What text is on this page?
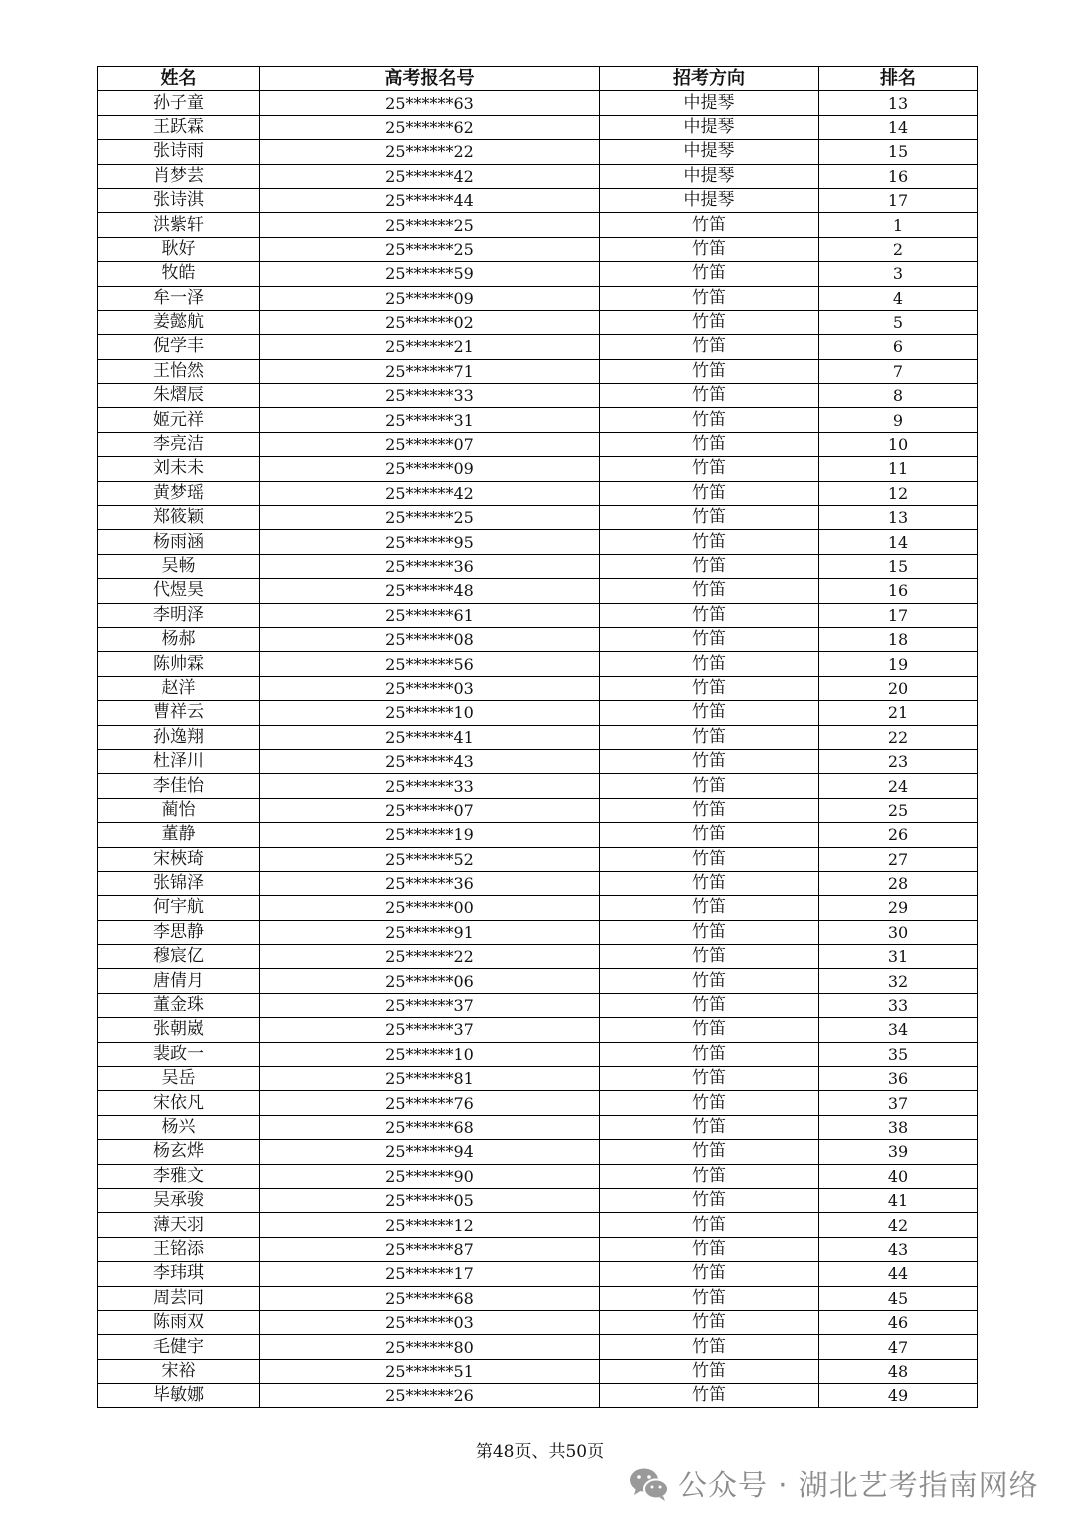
姓名	高考报名号	招考方向	排名
孙子童	25******63	中提琴	13
王跃霖	25******62	中提琴	14
张诗雨	25******22	中提琴	15
肖梦芸	25******42	中提琴	16
张诗淇	25******44	中提琴	17
洪紫轩	25******25	竹笛	1
耿好	25******25	竹笛	2
牧皓	25******59	竹笛	3
牟一泽	25******09	竹笛	4
姜懿航	25******02	竹笛	5
倪学丰	25******21	竹笛	6
王怡然	25******71	竹笛	7
朱熠辰	25******33	竹笛	8
姬元祥	25******31	竹笛	9
李亮洁	25******07	竹笛	10
刘未未	25******09	竹笛	11
黄梦瑶	25******42	竹笛	12
郑筱颖	25******25	竹笛	13
杨雨涵	25******95	竹笛	14
吴畅	25******36	竹笛	15
代煜昊	25******48	竹笛	16
李明泽	25******61	竹笛	17
杨郝	25******08	竹笛	18
陈帅霖	25******56	竹笛	19
赵洋	25******03	竹笛	20
曹祥云	25******10	竹笛	21
孙逸翔	25******41	竹笛	22
杜泽川	25******43	竹笛	23
李佳怡	25******33	竹笛	24
蔺怡	25******07	竹笛	25
董静	25******19	竹笛	26
宋梜琦	25******52	竹笛	27
张锦泽	25******36	竹笛	28
何宇航	25******00	竹笛	29
李思静	25******91	竹笛	30
穆宸亿	25******22	竹笛	31
唐倩月	25******06	竹笛	32
董金珠	25******37	竹笛	33
张朝崴	25******37	竹笛	34
裴政一	25******10	竹笛	35
吴岳	25******81	竹笛	36
宋依凡	25******76	竹笛	37
杨兴	25******68	竹笛	38
杨玄烨	25******94	竹笛	39
李雅文	25******90	竹笛	40
吴承骏	25******05	竹笛	41
薄天羽	25******12	竹笛	42
王铭添	25******87	竹笛	43
李玮琪	25******17	竹笛	44
周芸同	25******68	竹笛	45
陈雨双	25******03	竹笛	46
毛健宇	25******80	竹笛	47
宋裕	25******51	竹笛	48
毕敏娜	25******26	竹笛	49
第48页、共50页
公众号 · 湖北艺考指南网络
